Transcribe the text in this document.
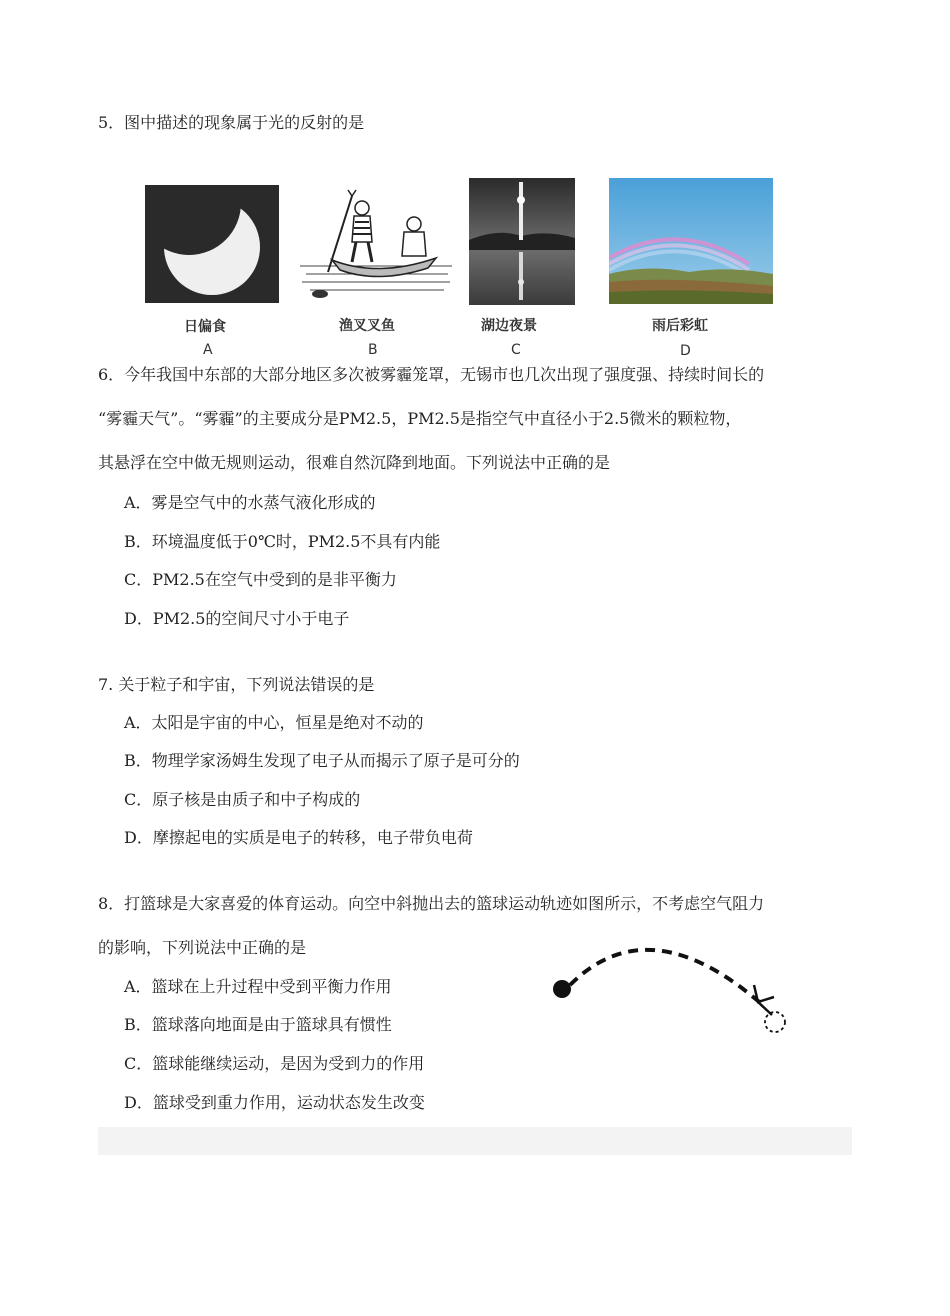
5．图中描述的现象属于光的反射的是
日偏食
A
渔叉叉鱼
B
湖边夜景
C
雨后彩虹
D
6．今年我国中东部的大部分地区多次被雾霾笼罩，无锡市也几次出现了强度强、持续时间长的
“雾霾天气”。“雾霾”的主要成分是PM2.5，PM2.5是指空气中直径小于2.5微米的颗粒物，
其悬浮在空中做无规则运动，很难自然沉降到地面。下列说法中正确的是
A．雾是空气中的水蒸气液化形成的
B．环境温度低于0℃时，PM2.5不具有内能
C．PM2.5在空气中受到的是非平衡力
D．PM2.5的空间尺寸小于电子
7. 关于粒子和宇宙，下列说法错误的是
A．太阳是宇宙的中心，恒星是绝对不动的
B．物理学家汤姆生发现了电子从而揭示了原子是可分的
C．原子核是由质子和中子构成的
D．摩擦起电的实质是电子的转移，电子带负电荷
8．打篮球是大家喜爱的体育运动。向空中斜抛出去的篮球运动轨迹如图所示，不考虑空气阻力
的影响，下列说法中正确的是
A．篮球在上升过程中受到平衡力作用
B．篮球落向地面是由于篮球具有惯性
C．篮球能继续运动，是因为受到力的作用
D．篮球受到重力作用，运动状态发生改变
